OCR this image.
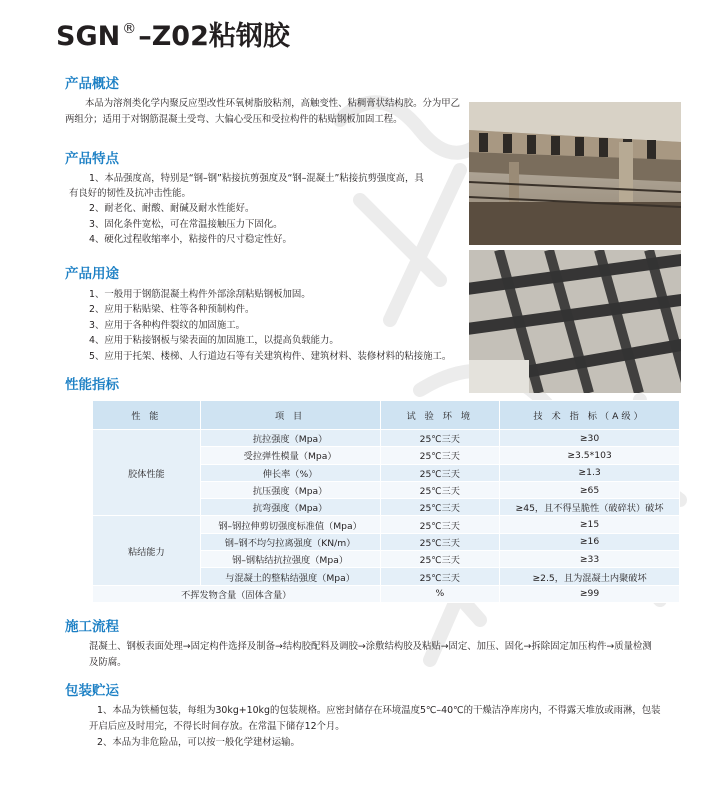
SGN ®–Z02粘钢胶
产品概述
本品为溶剂类化学内聚反应型改性环氧树脂胶粘剂，高触变性、粘稠膏状结构胶。分为甲乙两组分；适用于对钢筋混凝土受弯、大偏心受压和受拉构件的粘贴钢板加固工程。
产品特点
1、本品强度高，特别是“钢–钢”粘接抗剪强度及“钢–混凝土”粘接抗剪强度高，具
有良好的韧性及抗冲击性能。
2、耐老化、耐酸、耐碱及耐水性能好。
3、固化条件宽松，可在常温接触压力下固化。
4、硬化过程收缩率小，粘接件的尺寸稳定性好。
产品用途
1、一般用于钢筋混凝土构件外部涂刮粘贴钢板加固。
2、应用于粘贴梁、柱等各种预制构件。
3、应用于各种构件裂纹的加固施工。
4、应用于粘接钢板与梁表面的加固施工，以提高负载能力。
5、应用于托架、楼梯、人行道边石等有关建筑构件、建筑材料、装修材料的粘接施工。
性能指标
性 能	项 目	试 验 环 境	技 术 指 标（A级）
胶体性能	抗拉强度（Mpa）	25℃三天	≥30
	受拉弹性模量（Mpa）	25℃三天	≥3.5*103
	伸长率（%）	25℃三天	≥1.3
	抗压强度（Mpa）	25℃三天	≥65
	抗弯强度（Mpa）	25℃三天	≥45，且不得呈脆性（破碎状）破坏
粘结能力	钢–钢拉伸剪切强度标准值（Mpa）	25℃三天	≥15
	钢–钢不均匀拉离强度（KN/m）	25℃三天	≥16
	钢–钢粘结抗拉强度（Mpa）	25℃三天	≥33
	与混凝土的整粘结强度（Mpa）	25℃三天	≥2.5，且为混凝土内聚破坏
不挥发物含量（固体含量）		%	≥99
施工流程
混凝土、钢板表面处理→固定构件选择及制备→结构胶配料及调胶→涂敷结构胶及粘贴→固定、加压、固化→拆除固定加压构件→质量检测及防腐。
包装贮运
1、本品为铁桶包装，每组为30kg+10kg的包装规格。应密封储存在环境温度5℃–40℃的干燥洁净库房内，不得露天堆放或雨淋，包装开启后应及时用完，不得长时间存放。在常温下储存12个月。
2、本品为非危险品，可以按一般化学建材运输。
